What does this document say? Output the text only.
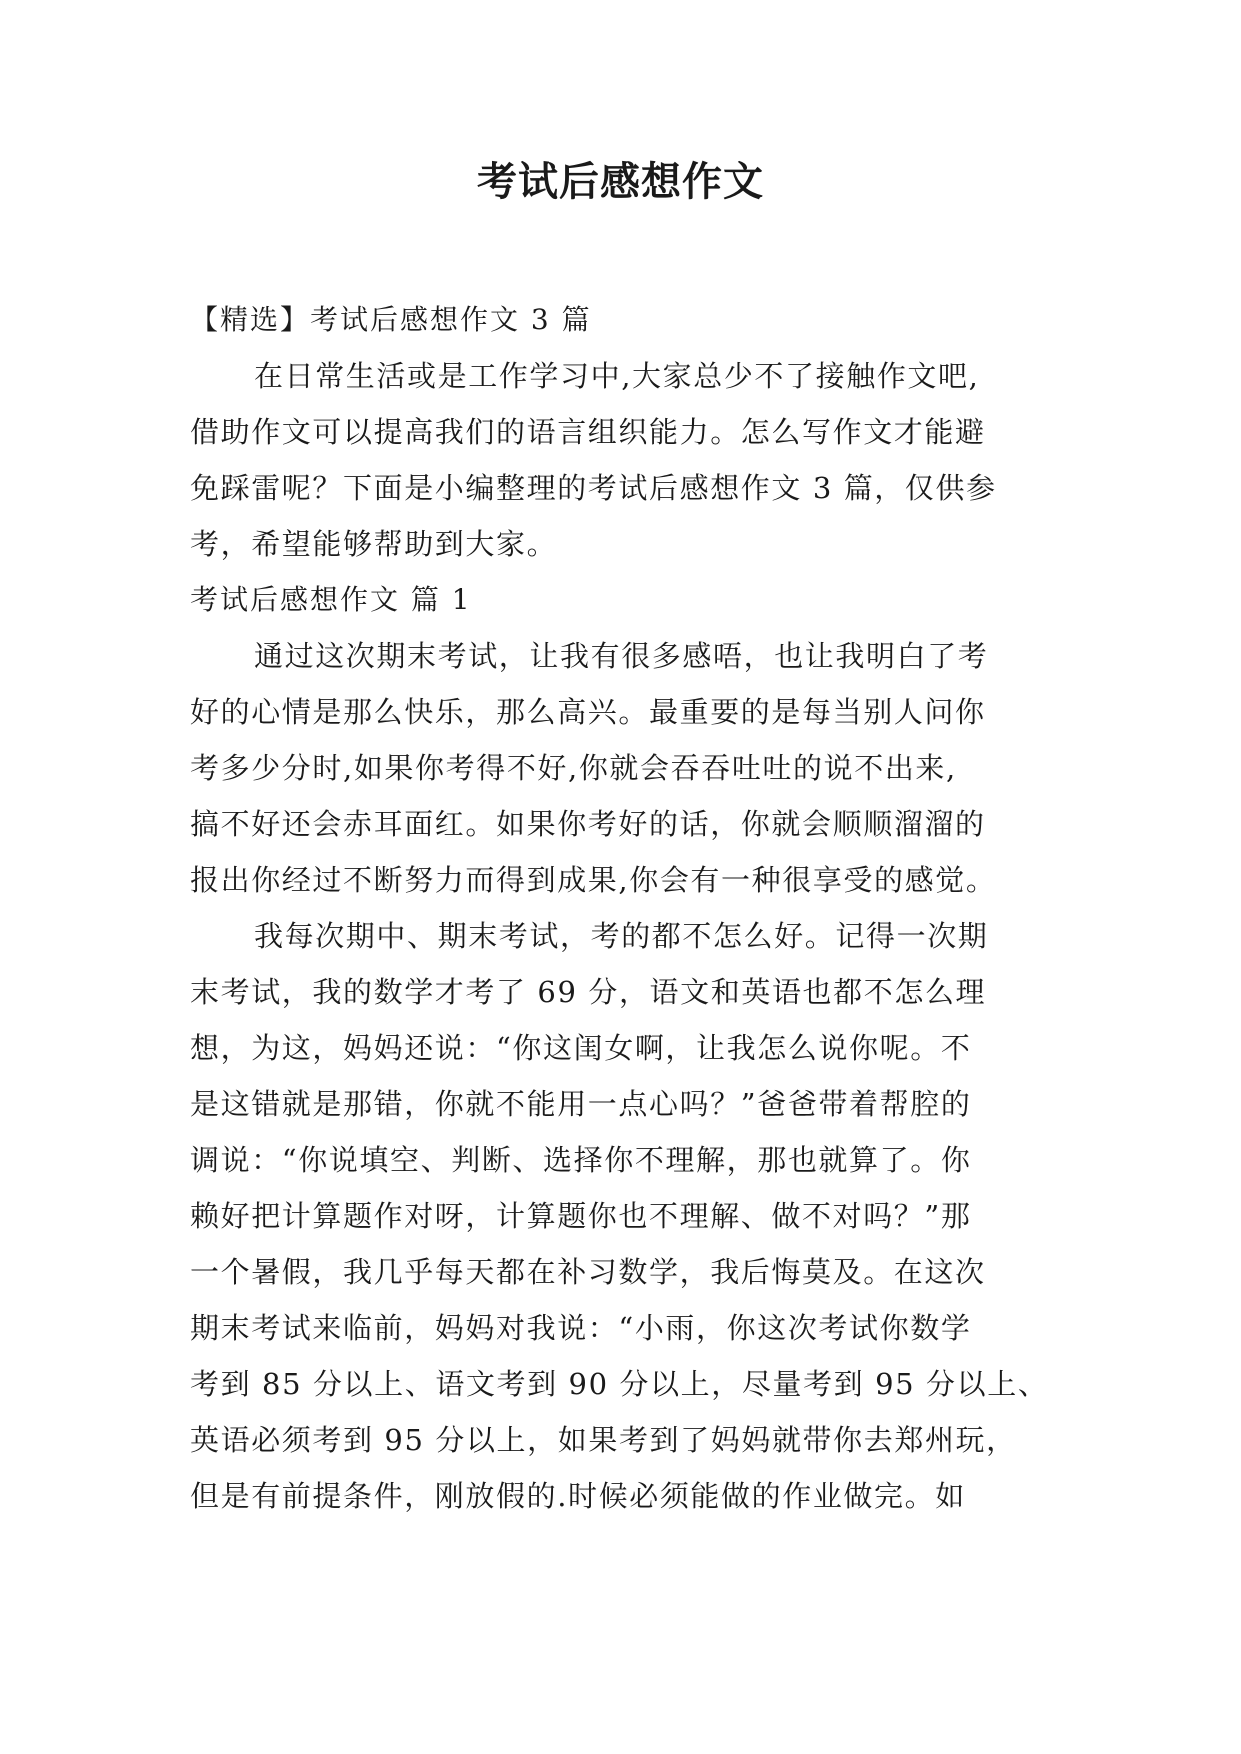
考试后感想作文
【精选】考试后感想作文 3 篇
在日常生活或是工作学习中,大家总少不了接触作文吧,
借助作文可以提高我们的语言组织能力。怎么写作文才能避
免踩雷呢？下面是小编整理的考试后感想作文 3 篇，仅供参
考，希望能够帮助到大家。
考试后感想作文 篇 1
通过这次期末考试，让我有很多感唔，也让我明白了考
好的心情是那么快乐，那么高兴。最重要的是每当别人问你
考多少分时,如果你考得不好,你就会吞吞吐吐的说不出来,
搞不好还会赤耳面红。如果你考好的话，你就会顺顺溜溜的
报出你经过不断努力而得到成果,你会有一种很享受的感觉。
我每次期中、期末考试，考的都不怎么好。记得一次期
末考试，我的数学才考了 69 分，语文和英语也都不怎么理
想，为这，妈妈还说：“你这闺女啊，让我怎么说你呢。不
是这错就是那错，你就不能用一点心吗？”爸爸带着帮腔的
调说：“你说填空、判断、选择你不理解，那也就算了。你
赖好把计算题作对呀，计算题你也不理解、做不对吗？”那
一个暑假，我几乎每天都在补习数学，我后悔莫及。在这次
期末考试来临前，妈妈对我说：“小雨，你这次考试你数学
考到 85 分以上、语文考到 90 分以上，尽量考到 95 分以上、
英语必须考到 95 分以上，如果考到了妈妈就带你去郑州玩，
但是有前提条件，刚放假的.时候必须能做的作业做完。如
